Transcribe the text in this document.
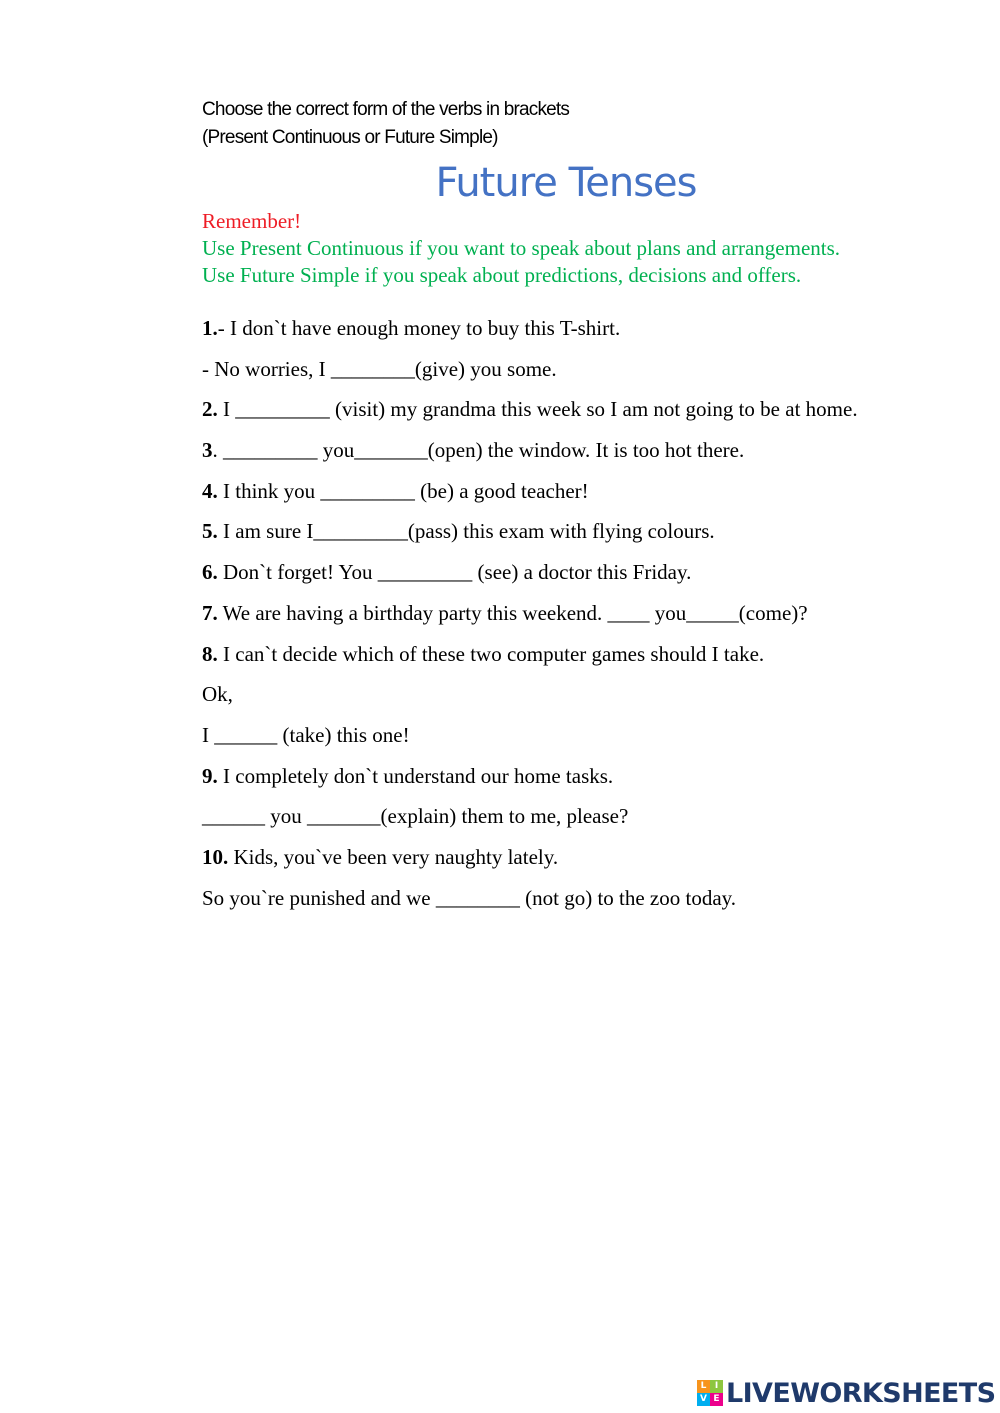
Choose the correct form of the verbs in brackets
(Present Continuous or Future Simple)
Future Tenses
Remember!
Use Present Continuous if you want to speak about plans and arrangements.
Use Future Simple if you speak about predictions, decisions and offers.
1.- I don`t have enough money to buy this T-shirt.
- No worries, I ________(give) you some.
2. I _________ (visit) my grandma this week so I am not going to be at home.
3. _________ you_______(open) the window. It is too hot there.
4. I think you _________ (be) a good teacher!
5. I am sure I_________(pass) this exam with flying colours.
6. Don`t forget! You _________ (see) a doctor this Friday.
7. We are having a birthday party this weekend. ____ you_____(come)?
8. I can`t decide which of these two computer games should I take.
Ok,
I ______ (take) this one!
9. I completely don`t understand our home tasks.
______ you _______(explain) them to me, please?
10. Kids, you`ve been very naughty lately.
So you`re punished and we ________ (not go) to the zoo today.
L I
V E LIVEWORKSHEETS
